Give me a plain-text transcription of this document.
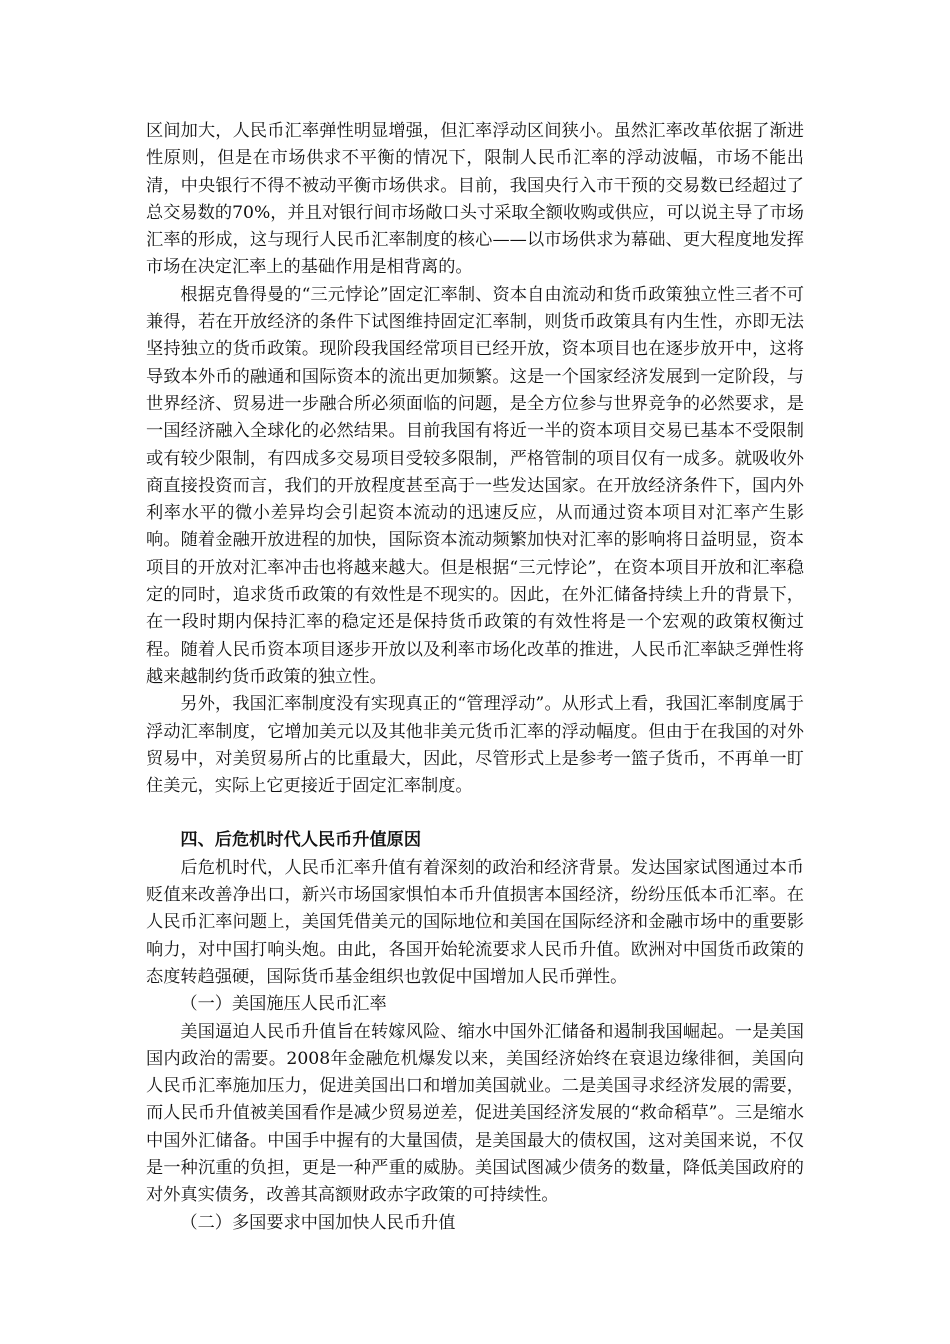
区间加大，人民币汇率弹性明显增强，但汇率浮动区间狭小。虽然汇率改革依据了渐进性原则，但是在市场供求不平衡的情况下，限制人民币汇率的浮动波幅，市场不能出清，中央银行不得不被动平衡市场供求。目前，我国央行入市干预的交易数已经超过了总交易数的70%，并且对银行间市场敞口头寸采取全额收购或供应，可以说主导了市场汇率的形成，这与现行人民币汇率制度的核心——以市场供求为幕础、更大程度地发挥市场在决定汇率上的基础作用是相背离的。

根据克鲁得曼的“三元悖论”固定汇率制、资本自由流动和货币政策独立性三者不可兼得，若在开放经济的条件下试图维持固定汇率制，则货币政策具有内生性，亦即无法坚持独立的货币政策。现阶段我国经常项目已经开放，资本项目也在逐步放开中，这将导致本外币的融通和国际资本的流出更加频繁。这是一个国家经济发展到一定阶段，与世界经济、贸易进一步融合所必须面临的问题，是全方位参与世界竞争的必然要求，是一国经济融入全球化的必然结果。目前我国有将近一半的资本项目交易已基本不受限制或有较少限制，有四成多交易项目受较多限制，严格管制的项目仅有一成多。就吸收外商直接投资而言，我们的开放程度甚至高于一些发达国家。在开放经济条件下，国内外利率水平的微小差异均会引起资本流动的迅速反应，从而通过资本项目对汇率产生影响。随着金融开放进程的加快，国际资本流动频繁加快对汇率的影响将日益明显，资本项目的开放对汇率冲击也将越来越大。但是根据“三元悖论”，在资本项目开放和汇率稳定的同时，追求货币政策的有效性是不现实的。因此，在外汇储备持续上升的背景下，在一段时期内保持汇率的稳定还是保持货币政策的有效性将是一个宏观的政策权衡过程。随着人民币资本项目逐步开放以及利率市场化改革的推进，人民币汇率缺乏弹性将越来越制约货币政策的独立性。

另外，我国汇率制度没有实现真正的“管理浮动”。从形式上看，我国汇率制度属于浮动汇率制度，它增加美元以及其他非美元货币汇率的浮动幅度。但由于在我国的对外贸易中，对美贸易所占的比重最大，因此，尽管形式上是参考一篮子货币，不再单一盯住美元，实际上它更接近于固定汇率制度。

四、后危机时代人民币升值原因

后危机时代，人民币汇率升值有着深刻的政治和经济背景。发达国家试图通过本币贬值来改善净出口，新兴市场国家惧怕本币升值损害本国经济，纷纷压低本币汇率。在人民币汇率问题上，美国凭借美元的国际地位和美国在国际经济和金融市场中的重要影响力，对中国打响头炮。由此，各国开始轮流要求人民币升值。欧洲对中国货币政策的态度转趋强硬，国际货币基金组织也敦促中国增加人民币弹性。

（一）美国施压人民币汇率

美国逼迫人民币升值旨在转嫁风险、缩水中国外汇储备和遏制我国崛起。一是美国国内政治的需要。2008年金融危机爆发以来，美国经济始终在衰退边缘徘徊，美国向人民币汇率施加压力，促进美国出口和增加美国就业。二是美国寻求经济发展的需要，而人民币升值被美国看作是减少贸易逆差，促进美国经济发展的“救命稻草”。三是缩水中国外汇储备。中国手中握有的大量国债，是美国最大的债权国，这对美国来说，不仅是一种沉重的负担，更是一种严重的威胁。美国试图减少债务的数量，降低美国政府的对外真实债务，改善其高额财政赤字政策的可持续性。

（二）多国要求中国加快人民币升值
